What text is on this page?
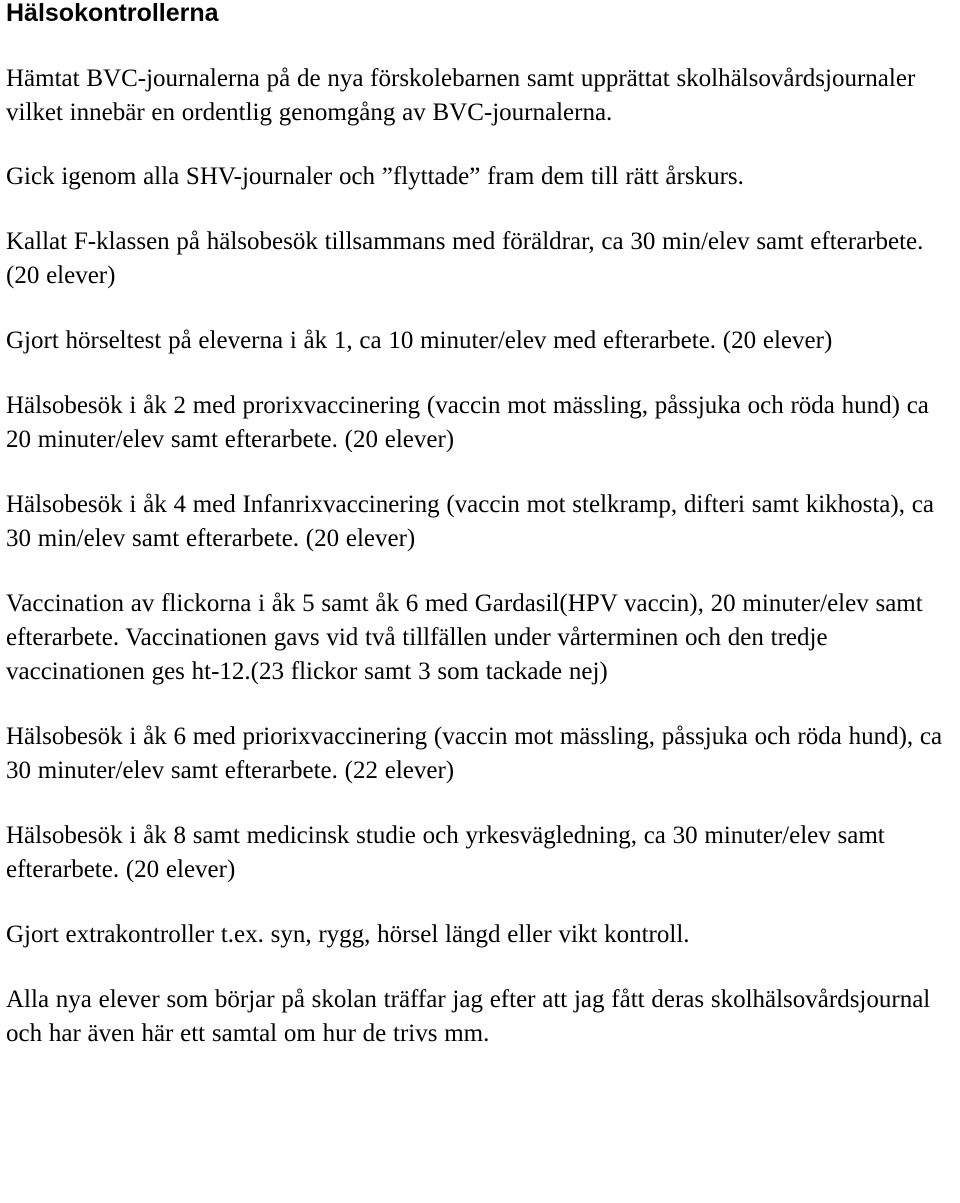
Hälsokontrollerna

Hämtat BVC-journalerna på de nya förskolebarnen samt upprättat skolhälsovårdsjournaler vilket innebär en ordentlig genomgång av BVC-journalerna.

Gick igenom alla SHV-journaler och ”flyttade” fram dem till rätt årskurs.

Kallat F-klassen på hälsobesök tillsammans med föräldrar, ca 30 min/elev samt efterarbete. (20 elever)

Gjort hörseltest på eleverna i åk 1, ca 10 minuter/elev med efterarbete. (20 elever)

Hälsobesök i åk 2 med prorixvaccinering (vaccin mot mässling, påssjuka och röda hund) ca 20 minuter/elev samt efterarbete. (20 elever)

Hälsobesök i åk 4 med Infanrixvaccinering (vaccin mot stelkramp, difteri samt kikhosta), ca 30 min/elev samt efterarbete. (20 elever)

Vaccination av flickorna i åk 5 samt åk 6 med Gardasil(HPV vaccin), 20 minuter/elev samt efterarbete. Vaccinationen gavs vid två tillfällen under vårterminen och den tredje vaccinationen ges ht-12.(23 flickor samt 3 som tackade nej)

Hälsobesök i åk 6 med priorixvaccinering (vaccin mot mässling, påssjuka och röda hund), ca 30 minuter/elev samt efterarbete. (22 elever)

Hälsobesök i åk 8 samt medicinsk studie och yrkesvägledning, ca 30 minuter/elev samt efterarbete. (20 elever)

Gjort extrakontroller t.ex. syn, rygg, hörsel längd eller vikt kontroll.

Alla nya elever som börjar på skolan träffar jag efter att jag fått deras skolhälsovårdsjournal och har även här ett samtal om hur de trivs mm.
